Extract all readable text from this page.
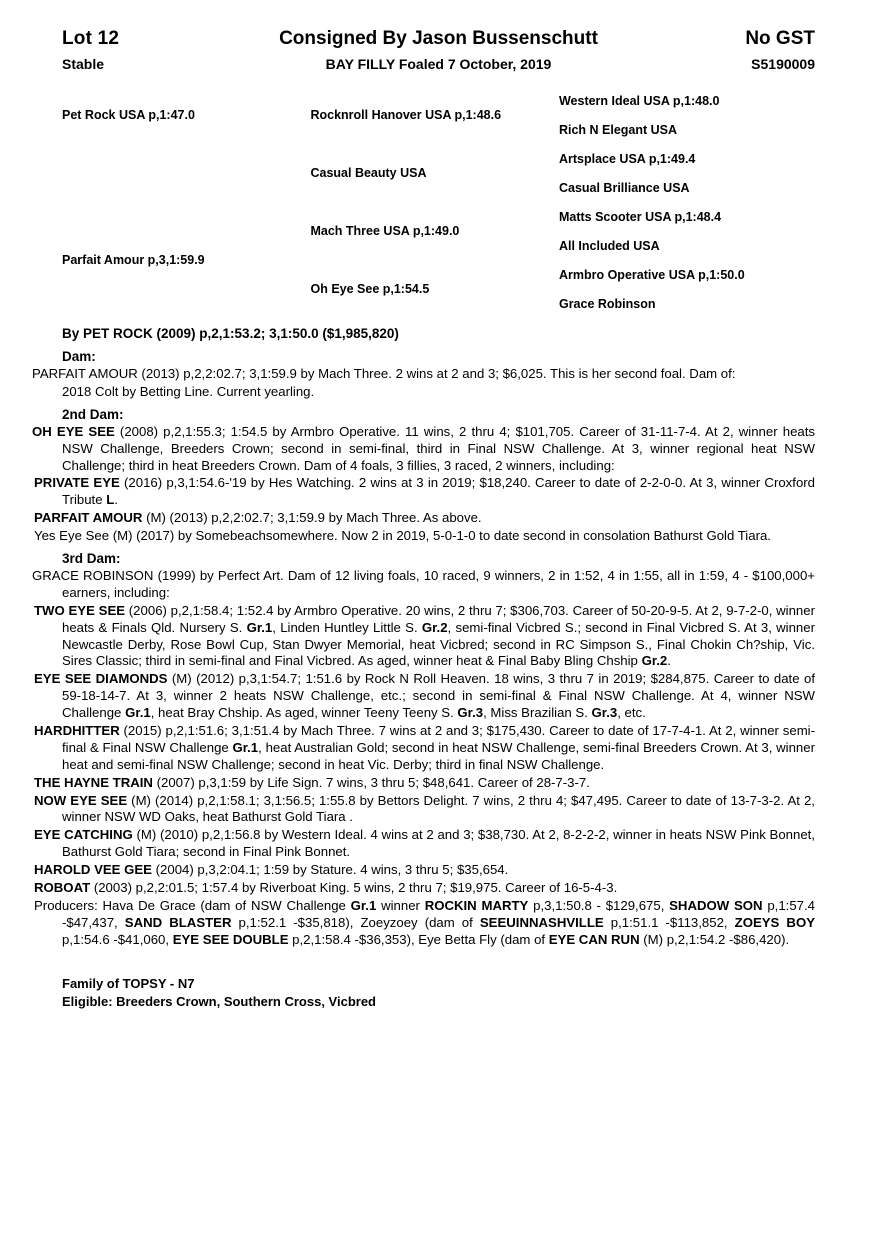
Lot 12	Consigned By Jason Bussenschutt	No GST
Stable	BAY FILLY Foaled 7 October, 2019	S5190009
Pet Rock USA p,1:47.0	Rocknroll Hanover USA p,1:48.6	Western Ideal USA p,1:48.0
		Rich N Elegant USA
	Casual Beauty USA	Artsplace USA p,1:49.4
		Casual Brilliance USA
	Mach Three USA p,1:49.0	Matts Scooter USA p,1:48.4
Parfait Amour p,3,1:59.9		All Included USA
	Oh Eye See p,1:54.5	Armbro Operative USA p,1:50.0
		Grace Robinson
By PET ROCK (2009) p,2,1:53.2; 3,1:50.0 ($1,985,820)
Dam:

PARFAIT AMOUR (2013) p,2,2:02.7; 3,1:59.9 by Mach Three. 2 wins at 2 and 3; $6,025. This is her second foal. Dam of:

2018 Colt by Betting Line. Current yearling.

2nd Dam:

OH EYE SEE (2008) p,2,1:55.3; 1:54.5 by Armbro Operative. 11 wins, 2 thru 4; $101,705. Career of 31-11-7-4. At 2, winner heats NSW Challenge, Breeders Crown; second in semi-final, third in Final NSW Challenge. At 3, winner regional heat NSW Challenge; third in heat Breeders Crown. Dam of 4 foals, 3 fillies, 3 raced, 2 winners, including:

PRIVATE EYE (2016) p,3,1:54.6-'19 by Hes Watching. 2 wins at 3 in 2019; $18,240. Career to date of 2-2-0-0. At 3, winner Croxford Tribute L.

PARFAIT AMOUR (M) (2013) p,2,2:02.7; 3,1:59.9 by Mach Three. As above.

Yes Eye See (M) (2017) by Somebeachsomewhere. Now 2 in 2019, 5-0-1-0 to date second in consolation Bathurst Gold Tiara.

3rd Dam:

GRACE ROBINSON (1999) by Perfect Art. Dam of 12 living foals, 10 raced, 9 winners, 2 in 1:52, 4 in 1:55, all in 1:59, 4 - $100,000+ earners, including:

TWO EYE SEE (2006) p,2,1:58.4; 1:52.4 by Armbro Operative. 20 wins, 2 thru 7; $306,703. Career of 50-20-9-5. At 2, 9-7-2-0, winner heats & Finals Qld. Nursery S. Gr.1, Linden Huntley Little S. Gr.2, semi-final Vicbred S.; second in Final Vicbred S. At 3, winner Newcastle Derby, Rose Bowl Cup, Stan Dwyer Memorial, heat Vicbred; second in RC Simpson S., Final Chokin Ch?ship, Vic. Sires Classic; third in semi-final and Final Vicbred. As aged, winner heat & Final Baby Bling Chship Gr.2.

EYE SEE DIAMONDS (M) (2012) p,3,1:54.7; 1:51.6 by Rock N Roll Heaven. 18 wins, 3 thru 7 in 2019; $284,875. Career to date of 59-18-14-7. At 3, winner 2 heats NSW Challenge, etc.; second in semi-final & Final NSW Challenge. At 4, winner NSW Challenge Gr.1, heat Bray Chship. As aged, winner Teeny Teeny S. Gr.3, Miss Brazilian S. Gr.3, etc.

HARDHITTER (2015) p,2,1:51.6; 3,1:51.4 by Mach Three. 7 wins at 2 and 3; $175,430. Career to date of 17-7-4-1. At 2, winner semi-final & Final NSW Challenge Gr.1, heat Australian Gold; second in heat NSW Challenge, semi-final Breeders Crown. At 3, winner heat and semi-final NSW Challenge; second in heat Vic. Derby; third in final NSW Challenge.

THE HAYNE TRAIN (2007) p,3,1:59 by Life Sign. 7 wins, 3 thru 5; $48,641. Career of 28-7-3-7.

NOW EYE SEE (M) (2014) p,2,1:58.1; 3,1:56.5; 1:55.8 by Bettors Delight. 7 wins, 2 thru 4; $47,495. Career to date of 13-7-3-2. At 2, winner NSW WD Oaks, heat Bathurst Gold Tiara .

EYE CATCHING (M) (2010) p,2,1:56.8 by Western Ideal. 4 wins at 2 and 3; $38,730. At 2, 8-2-2-2, winner in heats NSW Pink Bonnet, Bathurst Gold Tiara; second in Final Pink Bonnet.

HAROLD VEE GEE (2004) p,3,2:04.1; 1:59 by Stature. 4 wins, 3 thru 5; $35,654.

ROBOAT (2003) p,2,2:01.5; 1:57.4 by Riverboat King. 5 wins, 2 thru 7; $19,975. Career of 16-5-4-3.

Producers: Hava De Grace (dam of NSW Challenge Gr.1 winner ROCKIN MARTY p,3,1:50.8 - $129,675, SHADOW SON p,1:57.4 -$47,437, SAND BLASTER p,1:52.1 -$35,818), Zoeyzoey (dam of SEEUINNASHVILLE p,1:51.1 -$113,852, ZOEYS BOY p,1:54.6 -$41,060, EYE SEE DOUBLE p,2,1:58.4 -$36,353), Eye Betta Fly (dam of EYE CAN RUN (M) p,2,1:54.2 -$86,420).

Family of TOPSY - N7
Eligible: Breeders Crown, Southern Cross, Vicbred
